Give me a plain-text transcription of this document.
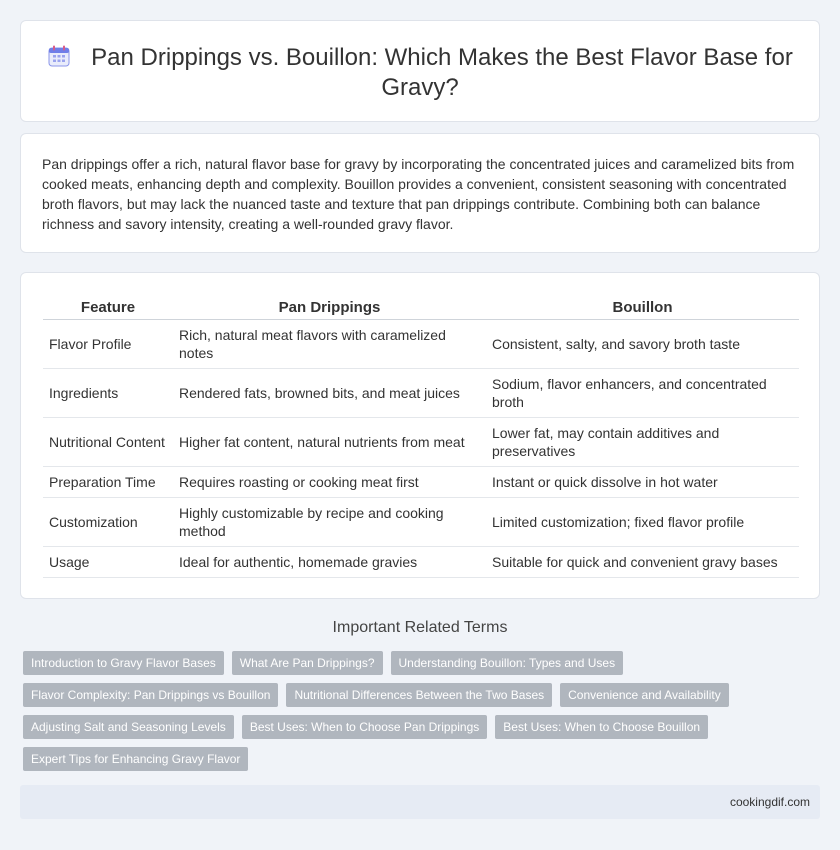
Pan Drippings vs. Bouillon: Which Makes the Best Flavor Base for Gravy?

Pan drippings offer a rich, natural flavor base for gravy by incorporating the concentrated juices and caramelized bits from cooked meats, enhancing depth and complexity. Bouillon provides a convenient, consistent seasoning with concentrated broth flavors, but may lack the nuanced taste and texture that pan drippings contribute. Combining both can balance richness and savory intensity, creating a well-rounded gravy flavor.

Feature	Pan Drippings	Bouillon
Flavor Profile	Rich, natural meat flavors with caramelized notes	Consistent, salty, and savory broth taste
Ingredients	Rendered fats, browned bits, and meat juices	Sodium, flavor enhancers, and concentrated broth
Nutritional Content	Higher fat content, natural nutrients from meat	Lower fat, may contain additives and preservatives
Preparation Time	Requires roasting or cooking meat first	Instant or quick dissolve in hot water
Customization	Highly customizable by recipe and cooking method	Limited customization; fixed flavor profile
Usage	Ideal for authentic, homemade gravies	Suitable for quick and convenient gravy bases
Important Related Terms
Introduction to Gravy Flavor Bases	What Are Pan Drippings?	Understanding Bouillon: Types and Uses
Flavor Complexity: Pan Drippings vs Bouillon	Nutritional Differences Between the Two Bases	Convenience and Availability
Adjusting Salt and Seasoning Levels	Best Uses: When to Choose Pan Drippings	Best Uses: When to Choose Bouillon
Expert Tips for Enhancing Gravy Flavor
cookingdif.com
